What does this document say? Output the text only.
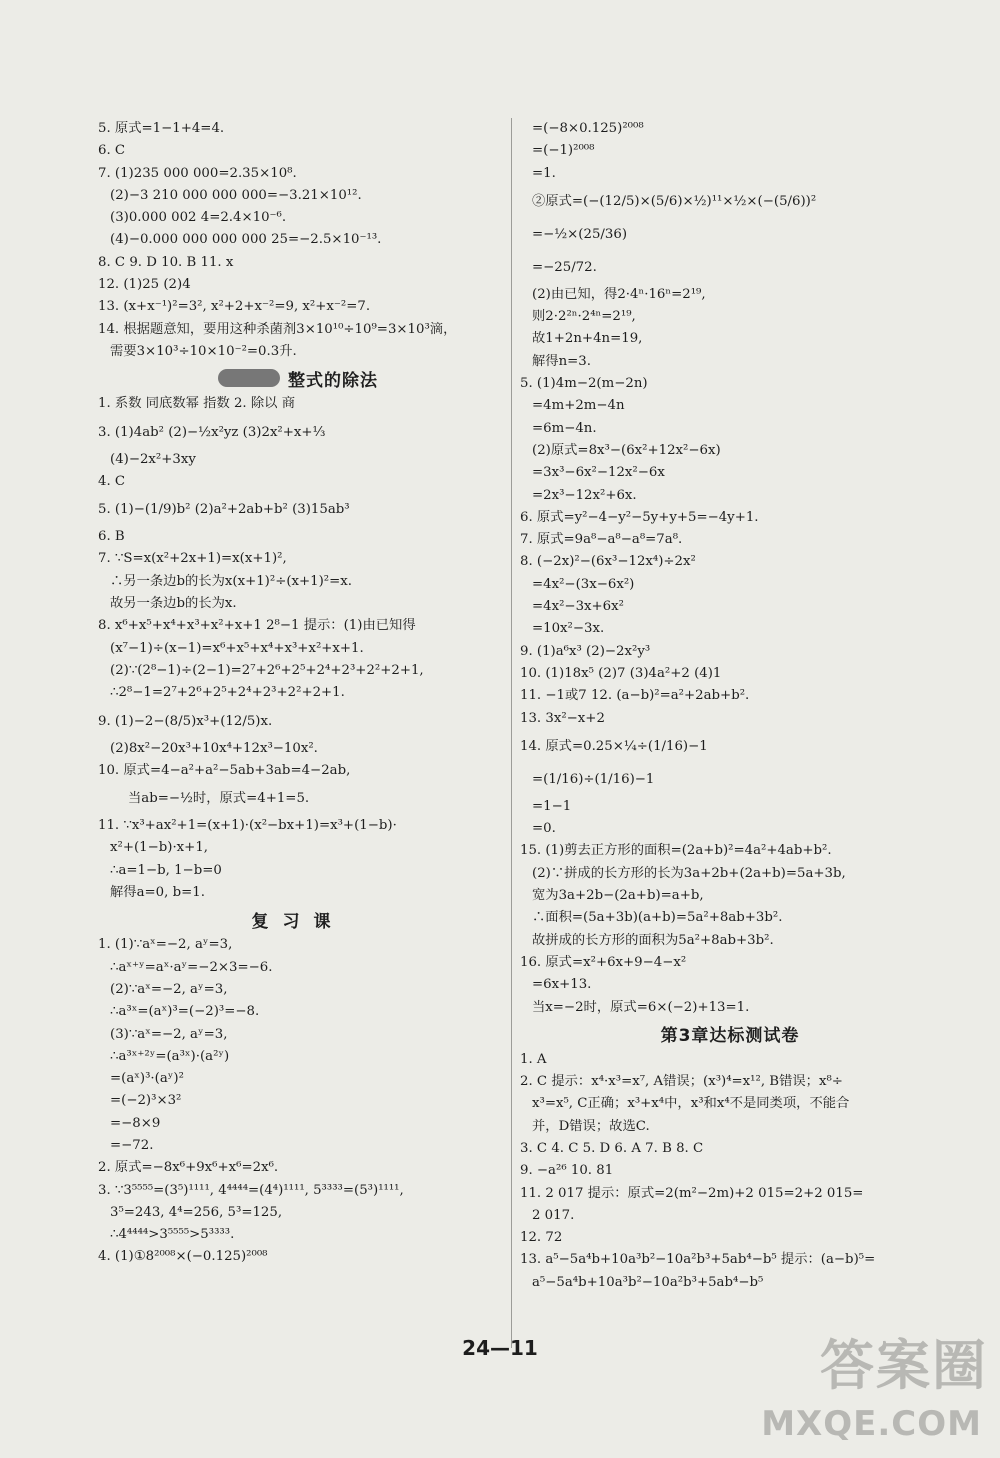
5. 原式=1−1+4=4.
6. C
7. (1)235 000 000=2.35×10⁸.
(2)−3 210 000 000 000=−3.21×10¹².
(3)0.000 002 4=2.4×10⁻⁶.
(4)−0.000 000 000 000 25=−2.5×10⁻¹³.
8. C 9. D 10. B 11. x
12. (1)25 (2)4
13. (x+x⁻¹)²=3², x²+2+x⁻²=9, x²+x⁻²=7.
14. 根据题意知，要用这种杀菌剂3×10¹⁰÷10⁹=3×10³滴，
需要3×10³÷10×10⁻²=0.3升.
整式的除法
1. 系数 同底数幂 指数 2. 除以 商
3. (1)4ab² (2)−½x²yz (3)2x²+x+⅓
(4)−2x²+3xy
4. C
5. (1)−(1/9)b² (2)a²+2ab+b² (3)15ab³
6. B
7. ∵S=x(x²+2x+1)=x(x+1)²,
∴另一条边b的长为x(x+1)²÷(x+1)²=x.
故另一条边b的长为x.
8. x⁶+x⁵+x⁴+x³+x²+x+1 2⁸−1 提示：(1)由已知得
(x⁷−1)÷(x−1)=x⁶+x⁵+x⁴+x³+x²+x+1.
(2)∵(2⁸−1)÷(2−1)=2⁷+2⁶+2⁵+2⁴+2³+2²+2+1,
∴2⁸−1=2⁷+2⁶+2⁵+2⁴+2³+2²+2+1.
9. (1)−2−(8/5)x³+(12/5)x.
(2)8x²−20x³+10x⁴+12x³−10x².
10. 原式=4−a²+a²−5ab+3ab=4−2ab,
当ab=−½时，原式=4+1=5.
11. ∵x³+ax²+1=(x+1)·(x²−bx+1)=x³+(1−b)·
x²+(1−b)·x+1,
∴a=1−b, 1−b=0
解得a=0, b=1.
复习课
1. (1)∵aˣ=−2, aʸ=3,
∴aˣ⁺ʸ=aˣ·aʸ=−2×3=−6.
(2)∵aˣ=−2, aʸ=3,
∴a³ˣ=(aˣ)³=(−2)³=−8.
(3)∵aˣ=−2, aʸ=3,
∴a³ˣ⁺²ʸ=(a³ˣ)·(a²ʸ)
=(aˣ)³·(aʸ)²
=(−2)³×3²
=−8×9
=−72.
2. 原式=−8x⁶+9x⁶+x⁶=2x⁶.
3. ∵3⁵⁵⁵⁵=(3⁵)¹¹¹¹, 4⁴⁴⁴⁴=(4⁴)¹¹¹¹, 5³³³³=(5³)¹¹¹¹,
3⁵=243, 4⁴=256, 5³=125,
∴4⁴⁴⁴⁴>3⁵⁵⁵⁵>5³³³³.
4. (1)①8²⁰⁰⁸×(−0.125)²⁰⁰⁸
=(−8×0.125)²⁰⁰⁸
=(−1)²⁰⁰⁸
=1.
②原式=(−(12/5)×(5/6)×½)¹¹×½×(−(5/6))²
=−½×(25/36)
=−25/72.
(2)由已知，得2·4ⁿ·16ⁿ=2¹⁹,
则2·2²ⁿ·2⁴ⁿ=2¹⁹,
故1+2n+4n=19,
解得n=3.
5. (1)4m−2(m−2n)
=4m+2m−4n
=6m−4n.
(2)原式=8x³−(6x²+12x²−6x)
=3x³−6x²−12x²−6x
=2x³−12x²+6x.
6. 原式=y²−4−y²−5y+y+5=−4y+1.
7. 原式=9a⁸−a⁸−a⁸=7a⁸.
8. (−2x)²−(6x³−12x⁴)÷2x²
=4x²−(3x−6x²)
=4x²−3x+6x²
=10x²−3x.
9. (1)a⁶x³ (2)−2x²y³
10. (1)18x⁵ (2)7 (3)4a²+2 (4)1
11. −1或7 12. (a−b)²=a²+2ab+b².
13. 3x²−x+2
14. 原式=0.25×¼÷(1/16)−1
=(1/16)÷(1/16)−1
=1−1
=0.
15. (1)剪去正方形的面积=(2a+b)²=4a²+4ab+b².
(2)∵拼成的长方形的长为3a+2b+(2a+b)=5a+3b,
宽为3a+2b−(2a+b)=a+b,
∴面积=(5a+3b)(a+b)=5a²+8ab+3b².
故拼成的长方形的面积为5a²+8ab+3b².
16. 原式=x²+6x+9−4−x²
=6x+13.
当x=−2时，原式=6×(−2)+13=1.
第3章达标测试卷
1. A
2. C 提示：x⁴·x³=x⁷, A错误；(x³)⁴=x¹², B错误；x⁸÷
x³=x⁵, C正确；x³+x⁴中，x³和x⁴不是同类项，不能合
并，D错误；故选C.
3. C 4. C 5. D 6. A 7. B 8. C
9. −a²⁶ 10. 81
11. 2 017 提示：原式=2(m²−2m)+2 015=2+2 015=
2 017.
12. 72
13. a⁵−5a⁴b+10a³b²−10a²b³+5ab⁴−b⁵ 提示：(a−b)⁵=
a⁵−5a⁴b+10a³b²−10a²b³+5ab⁴−b⁵
24—11	答案圈
MXQE.COM
